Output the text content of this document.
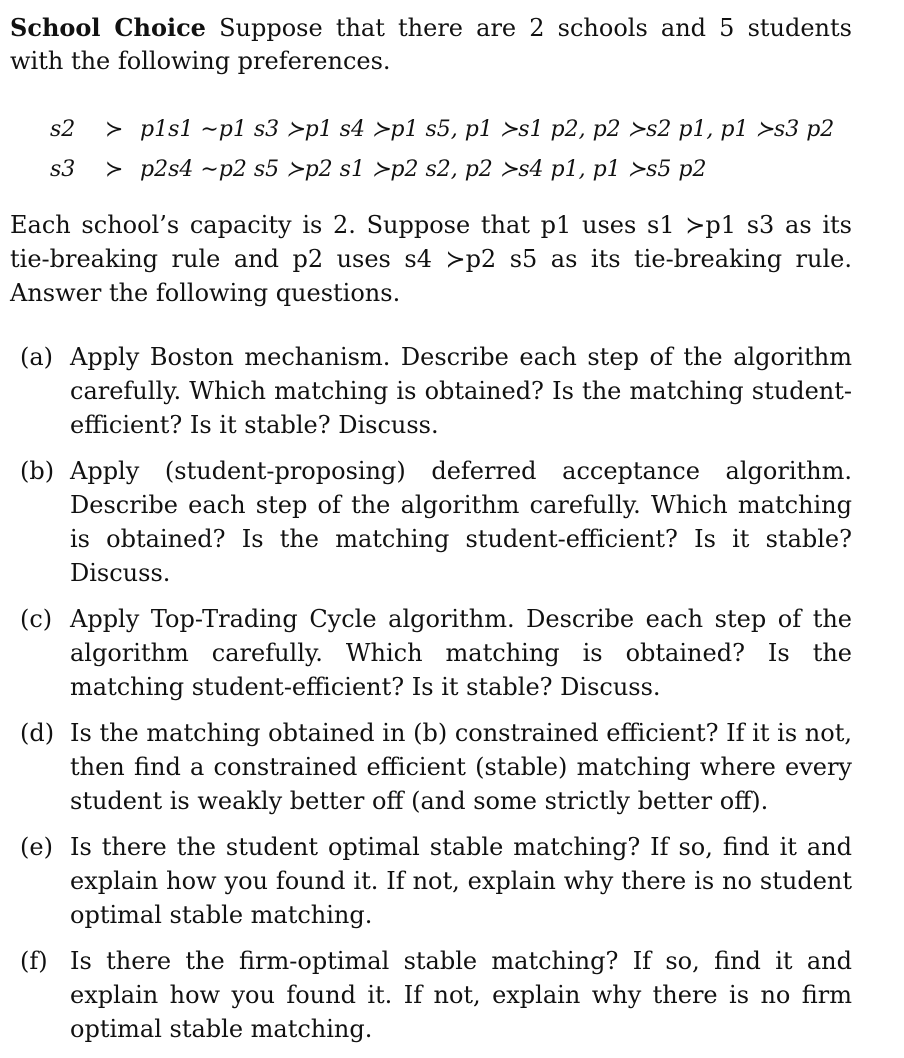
School Choice Suppose that there are 2 schools and 5 students with the following preferences.
s2 ≻ p1s1 ∼p1 s3 ≻p1 s4 ≻p1 s5, p1 ≻s1 p2, p2 ≻s2 p1, p1 ≻s3 p2
s3 ≻ p2s4 ∼p2 s5 ≻p2 s1 ≻p2 s2, p2 ≻s4 p1, p1 ≻s5 p2
Each school’s capacity is 2. Suppose that p1 uses s1 ≻p1 s3 as its tie-breaking rule and p2 uses s4 ≻p2 s5 as its tie-breaking rule. Answer the following questions.
(a) Apply Boston mechanism. Describe each step of the algorithm carefully. Which matching is obtained? Is the matching student-efficient? Is it stable? Discuss.
(b) Apply (student-proposing) deferred acceptance algorithm. Describe each step of the algorithm carefully. Which matching is obtained? Is the matching student-efficient? Is it stable? Discuss.
(c) Apply Top-Trading Cycle algorithm. Describe each step of the algorithm carefully. Which matching is obtained? Is the matching student-efficient? Is it stable? Discuss.
(d) Is the matching obtained in (b) constrained efficient? If it is not, then find a constrained efficient (stable) matching where every student is weakly better off (and some strictly better off).
(e) Is there the student optimal stable matching? If so, find it and explain how you found it. If not, explain why there is no student optimal stable matching.
(f) Is there the firm-optimal stable matching? If so, find it and explain how you found it. If not, explain why there is no firm optimal stable matching.
